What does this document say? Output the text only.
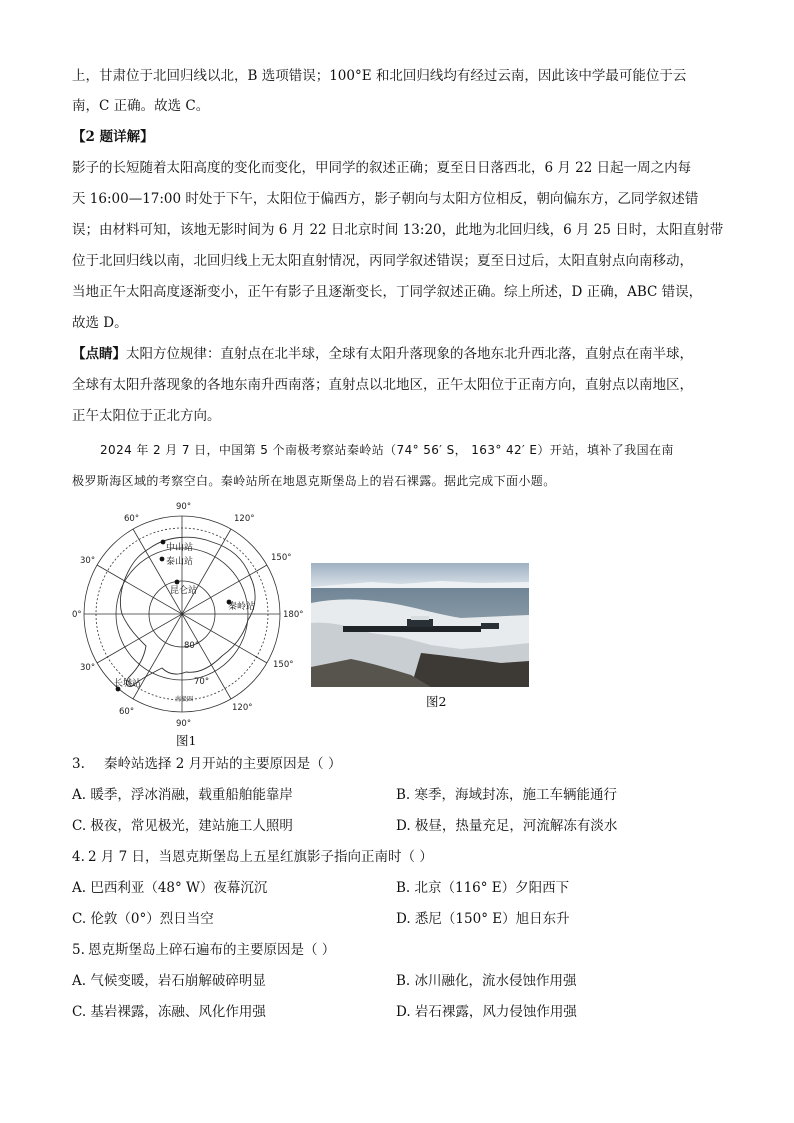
上，甘肃位于北回归线以北，B 选项错误；100°E 和北回归线均有经过云南，因此该中学最可能位于云
南，C 正确。故选 C。
【2 题详解】
影子的长短随着太阳高度的变化而变化，甲同学的叙述正确；夏至日日落西北，6 月 22 日起一周之内每
天 16:00—17:00 时处于下午，太阳位于偏西方，影子朝向与太阳方位相反，朝向偏东方，乙同学叙述错
误；由材料可知，该地无影时间为 6 月 22 日北京时间 13:20，此地为北回归线，6 月 25 日时，太阳直射带
位于北回归线以南，北回归线上无太阳直射情况，丙同学叙述错误；夏至日过后，太阳直射点向南移动，
当地正午太阳高度逐渐变小，正午有影子且逐渐变长，丁同学叙述正确。综上所述，D 正确，ABC 错误，
故选 D。
【点睛】太阳方位规律：直射点在北半球，全球有太阳升落现象的各地东北升西北落，直射点在南半球，
全球有太阳升落现象的各地东南升西南落；直射点以北地区，正午太阳位于正南方向，直射点以南地区，
正午太阳位于正北方向。
2024 年 2 月 7 日，中国第 5 个南极考察站秦岭站（74° 56′ S， 163° 42′ E）开站，填补了我国在南
极罗斯海区域的考察空白。秦岭站所在地恩克斯堡岛上的岩石裸露。据此完成下面小题。
90°
120°
150°
180°
150°
120°
90°
60°
30°
0°
30°
60°
80°
70°
南极圈
中山站
泰山站
昆仑站
秦岭站
长城站
图1
图2
3. 秦岭站选择 2 月开站的主要原因是（ ）
A. 暖季，浮冰消融，载重船舶能靠岸	B. 寒季，海域封冻，施工车辆能通行
C. 极夜，常见极光，建站施工人照明	D. 极昼，热量充足，河流解冻有淡水
4. 2 月 7 日，当恩克斯堡岛上五星红旗影子指向正南时（ ）
A. 巴西利亚（48° W）夜幕沉沉	B. 北京（116° E）夕阳西下
C. 伦敦（0°）烈日当空	D. 悉尼（150° E）旭日东升
5. 恩克斯堡岛上碎石遍布的主要原因是（ ）
A. 气候变暖，岩石崩解破碎明显	B. 冰川融化，流水侵蚀作用强
C. 基岩裸露，冻融、风化作用强	D. 岩石裸露，风力侵蚀作用强
